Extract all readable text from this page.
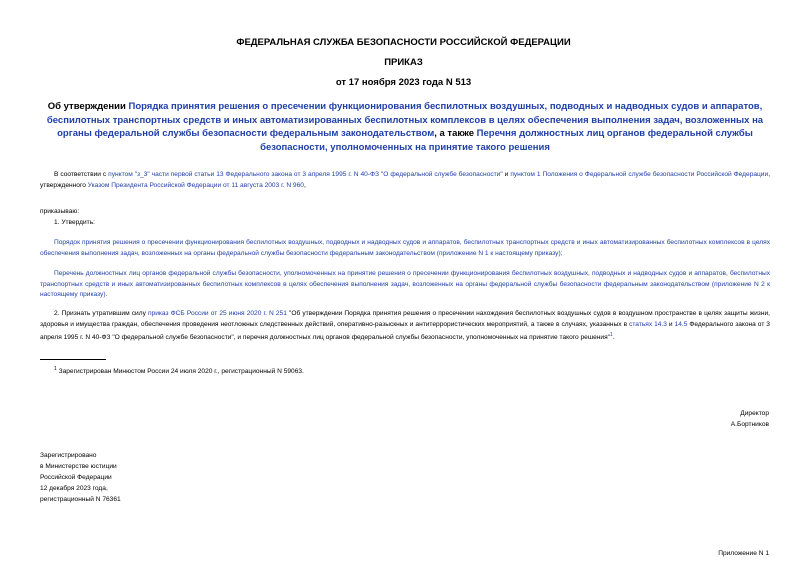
ФЕДЕРАЛЬНАЯ СЛУЖБА БЕЗОПАСНОСТИ РОССИЙСКОЙ ФЕДЕРАЦИИ
ПРИКАЗ
от 17 ноября 2023 года N 513
Об утверждении Порядка принятия решения о пресечении функционирования беспилотных воздушных, подводных и надводных судов и аппаратов, беспилотных транспортных средств и иных автоматизированных беспилотных комплексов в целях обеспечения выполнения задач, возложенных на органы федеральной службы безопасности федеральным законодательством, а также Перечня должностных лиц органов федеральной службы безопасности, уполномоченных на принятие такого решения
В соответствии с пунктом "з_3" части первой статьи 13 Федерального закона от 3 апреля 1995 г. N 40-ФЗ "О федеральной службе безопасности" и пунктом 1 Положения о Федеральной службе безопасности Российской Федерации, утвержденного Указом Президента Российской Федерации от 11 августа 2003 г. N 960,
приказываю:
1. Утвердить:
Порядок принятия решения о пресечении функционирования беспилотных воздушных, подводных и надводных судов и аппаратов, беспилотных транспортных средств и иных автоматизированных беспилотных комплексов в целях обеспечения выполнения задач, возложенных на органы федеральной службы безопасности федеральным законодательством (приложение N 1 к настоящему приказу);
Перечень должностных лиц органов федеральной службы безопасности, уполномоченных на принятие решения о пресечении функционирования беспилотных воздушных, подводных и надводных судов и аппаратов, беспилотных транспортных средств и иных автоматизированных беспилотных комплексов в целях обеспечения выполнения задач, возложенных на органы федеральной службы безопасности федеральным законодательством (приложение N 2 к настоящему приказу).
2. Признать утратившим силу приказ ФСБ России от 25 июня 2020 г. N 251 "Об утверждении Порядка принятия решения о пресечении нахождения беспилотных воздушных судов в воздушном пространстве в целях защиты жизни, здоровья и имущества граждан, обеспечения проведения неотложных следственных действий, оперативно-разыскных и антитеррористических мероприятий, а также в случаях, указанных в статьях 14.3 и 14.5 Федерального закона от 3 апреля 1995 г. N 40-ФЗ "О федеральной службе безопасности", и перечня должностных лиц органов федеральной службы безопасности, уполномоченных на принятие такого решения"$^1$.
$^1$ Зарегистрирован Минюстом России 24 июля 2020 г., регистрационный N 59063.
Директор
А.Бортников
Зарегистрировано
в Министерстве юстиции
Российской Федерации
12 декабря 2023 года,
регистрационный N 76361
Приложение N 1
